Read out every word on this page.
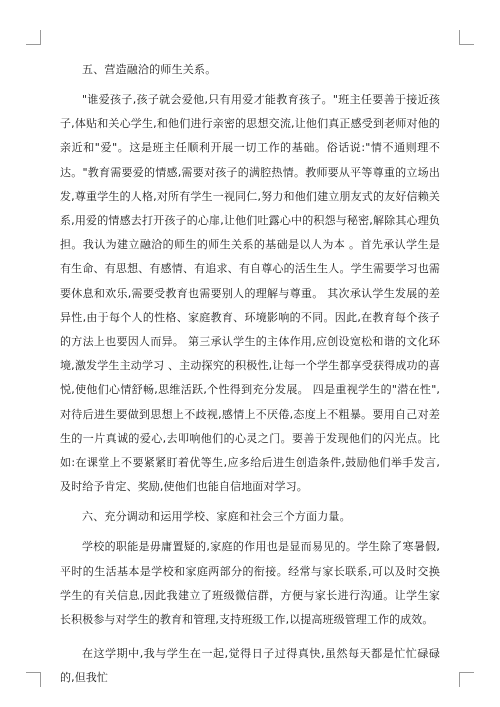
五、营造融洽的师生关系。

"谁爱孩子,孩子就会爱他,只有用爱才能教育孩子。"班主任要善于接近孩子,体贴和关心学生,和他们进行亲密的思想交流,让他们真正感受到老师对他的亲近和"爱"。这是班主任顺利开展一切工作的基础。俗话说:"情不通则理不达。"教育需要爱的情感,需要对孩子的满腔热情。教师要从平等尊重的立场出发,尊重学生的人格,对所有学生一视同仁,努力和他们建立朋友式的友好信赖关系,用爱的情感去打开孩子的心扉,让他们吐露心中的积怨与秘密,解除其心理负担。我认为建立融洽的师生的师生关系的基础是以人为本 。首先承认学生是有生命、有思想、有感情、有追求、有自尊心的活生生人。学生需要学习也需要休息和欢乐,需要受教育也需要别人的理解与尊重。 其次承认学生发展的差异性,由于每个人的性格、家庭教育、环境影响的不同。因此,在教育每个孩子的方法上也要因人而异。 第三承认学生的主体作用,应创设宽松和谐的文化环境,激发学生主动学习 、主动探究的积极性,让每一个学生都享受获得成功的喜悦,使他们心情舒畅,思维活跃,个性得到充分发展。 四是重视学生的"潜在性",对待后进生要做到思想上不歧视,感情上不厌倦,态度上不粗暴。要用自己对差生的一片真诚的爱心,去叩响他们的心灵之门。要善于发现他们的闪光点。比如:在课堂上不要紧紧盯着优等生,应多给后进生创造条件,鼓励他们举手发言,及时给予肯定、奖励,使他们也能自信地面对学习。

六、充分调动和运用学校、家庭和社会三个方面力量。

学校的职能是毋庸置疑的,家庭的作用也是显而易见的。学生除了寒暑假,平时的生活基本是学校和家庭两部分的衔接。经常与家长联系,可以及时交换学生的有关信息,因此我建立了班级微信群，方便与家长进行沟通。让学生家长积极参与对学生的教育和管理,支持班级工作,以提高班级管理工作的成效。

在这学期中,我与学生在一起,觉得日子过得真快,虽然每天都是忙忙碌碌的,但我忙
